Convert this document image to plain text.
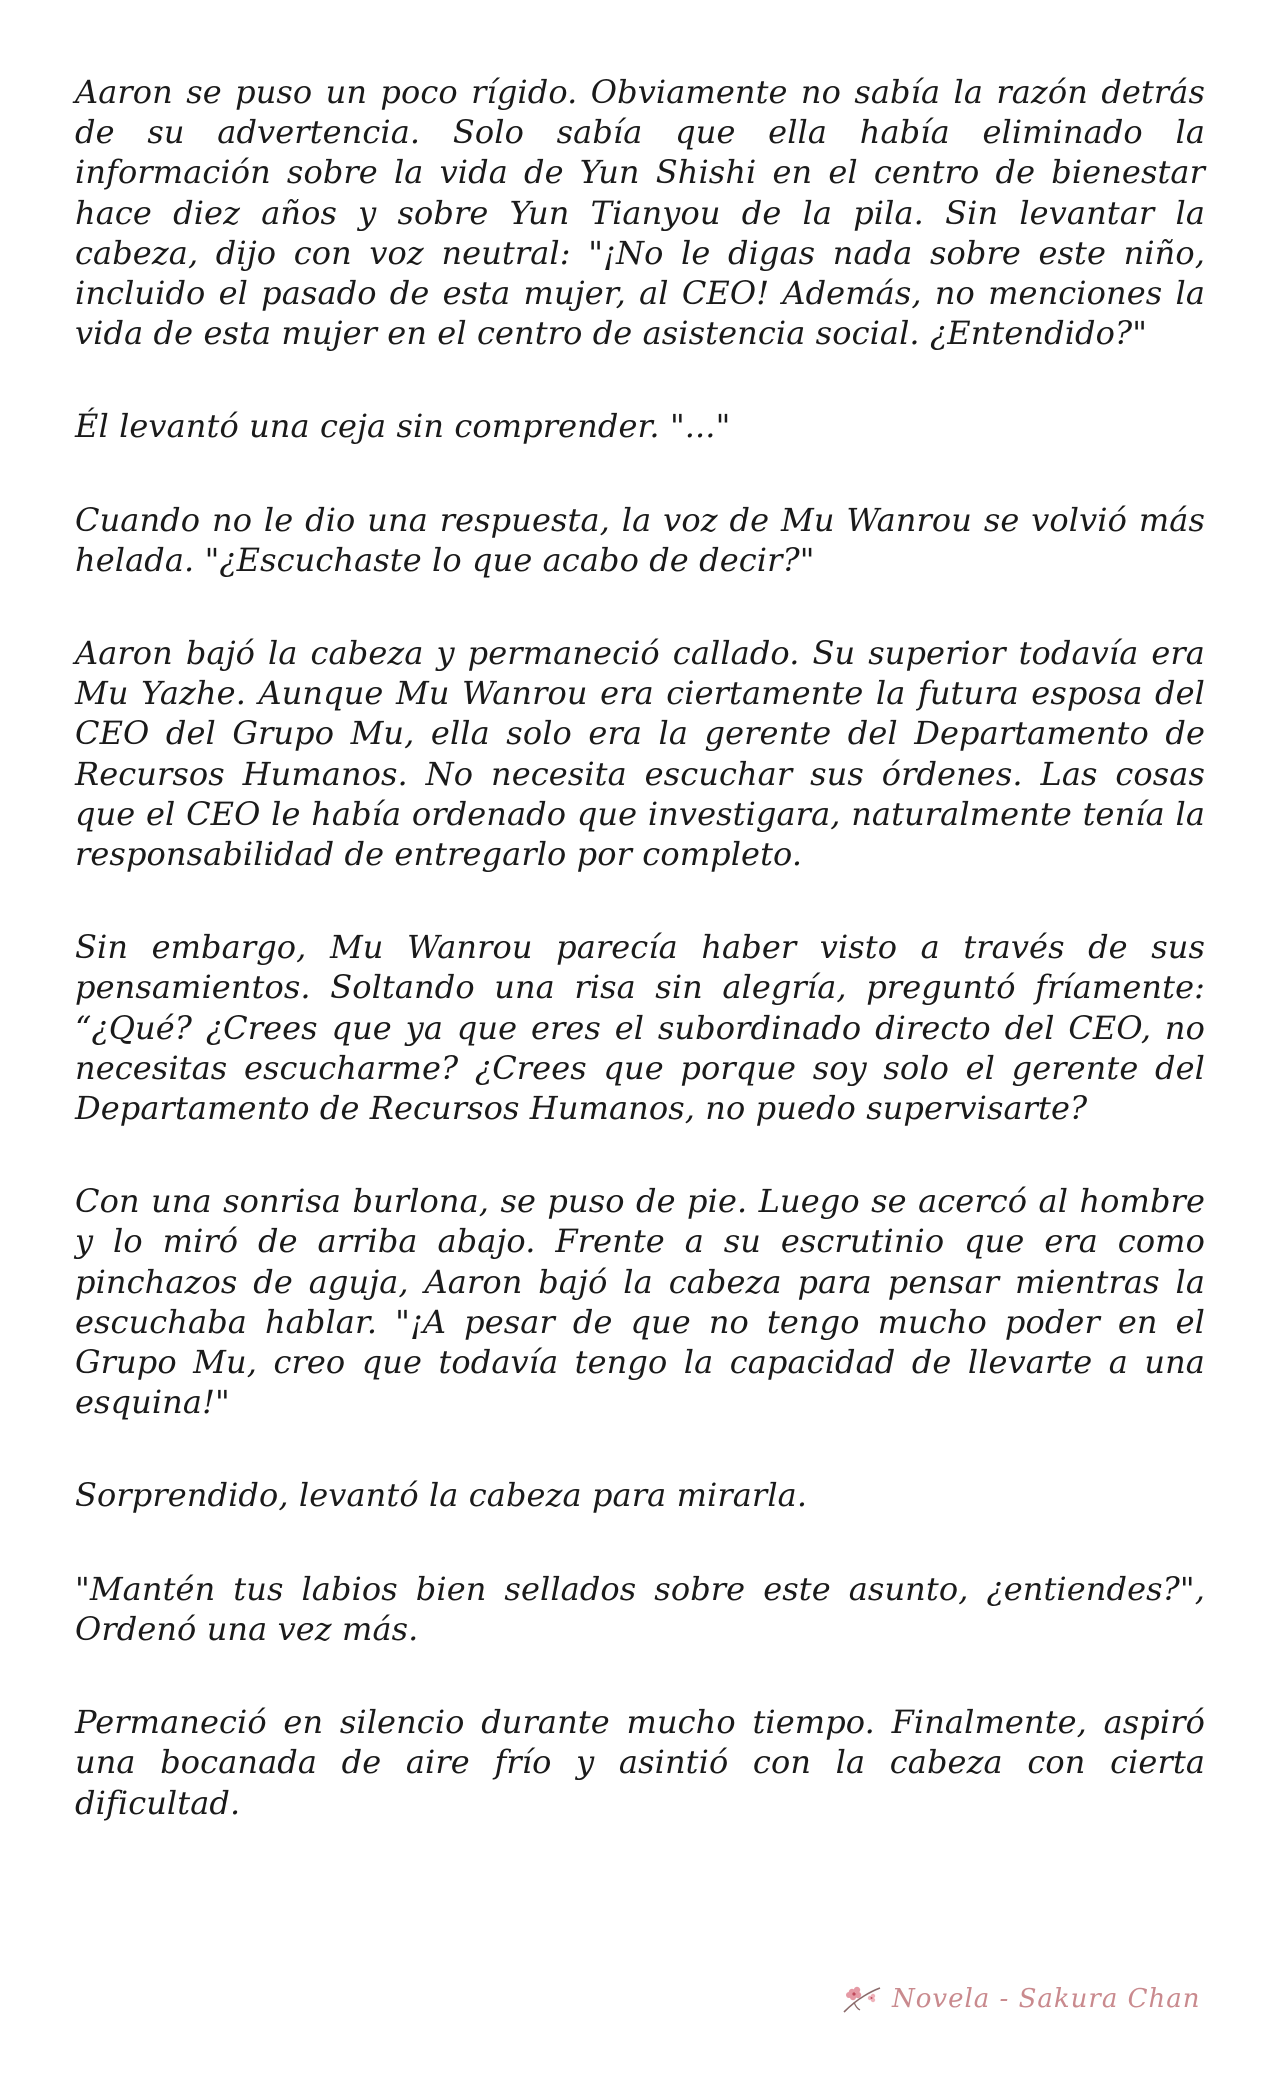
Aaron se puso un poco rígido. Obviamente no sabía la razón detrás de su advertencia. Solo sabía que ella había eliminado la información sobre la vida de Yun Shishi en el centro de bienestar hace diez años y sobre Yun Tianyou de la pila. Sin levantar la cabeza, dijo con voz neutral: "¡No le digas nada sobre este niño, incluido el pasado de esta mujer, al CEO! Además, no menciones la vida de esta mujer en el centro de asistencia social. ¿Entendido?"

Él levantó una ceja sin comprender. "..."

Cuando no le dio una respuesta, la voz de Mu Wanrou se volvió más helada. "¿Escuchaste lo que acabo de decir?"

Aaron bajó la cabeza y permaneció callado. Su superior todavía era Mu Yazhe. Aunque Mu Wanrou era ciertamente la futura esposa del CEO del Grupo Mu, ella solo era la gerente del Departamento de Recursos Humanos. No necesita escuchar sus órdenes. Las cosas que el CEO le había ordenado que investigara, naturalmente tenía la responsabilidad de entregarlo por completo.

Sin embargo, Mu Wanrou parecía haber visto a través de sus pensamientos. Soltando una risa sin alegría, preguntó fríamente: “¿Qué? ¿Crees que ya que eres el subordinado directo del CEO, no necesitas escucharme? ¿Crees que porque soy solo el gerente del Departamento de Recursos Humanos, no puedo supervisarte?

Con una sonrisa burlona, se puso de pie. Luego se acercó al hombre y lo miró de arriba abajo. Frente a su escrutinio que era como pinchazos de aguja, Aaron bajó la cabeza para pensar mientras la escuchaba hablar. "¡A pesar de que no tengo mucho poder en el Grupo Mu, creo que todavía tengo la capacidad de llevarte a una esquina!"

Sorprendido, levantó la cabeza para mirarla.

"Mantén tus labios bien sellados sobre este asunto, ¿entiendes?", Ordenó una vez más.

Permaneció en silencio durante mucho tiempo. Finalmente, aspiró una bocanada de aire frío y asintió con la cabeza con cierta dificultad.

Novela - Sakura Chan
